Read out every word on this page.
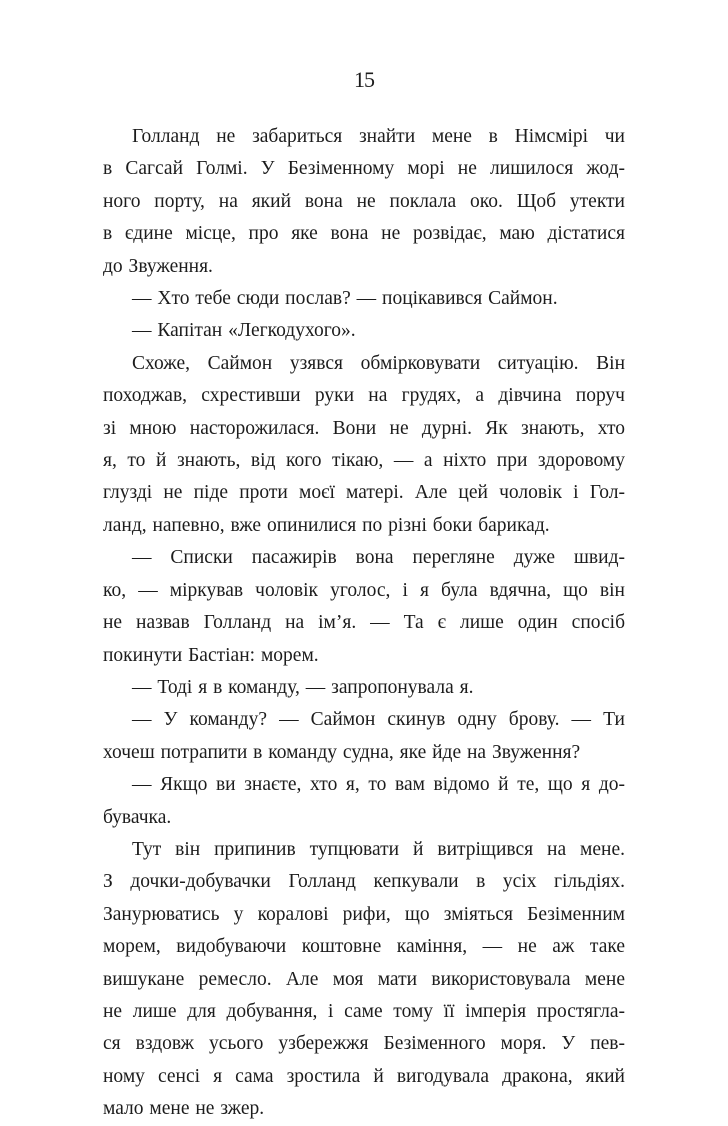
15
Голланд не забариться знайти мене в Німсмірі чи
в Сагсай Голмі. У Безіменному морі не лишилося жод-
ного порту, на який вона не поклала око. Щоб утекти
в єдине місце, про яке вона не розвідає, маю дістатися
до Звуження.
— Хто тебе сюди послав? — поцікавився Саймон.
— Капітан «Легкодухого».
Схоже, Саймон узявся обмірковувати ситуацію. Він
походжав, схрестивши руки на грудях, а дівчина поруч
зі мною насторожилася. Вони не дурні. Як знають, хто
я, то й знають, від кого тікаю, — а ніхто при здоровому
глузді не піде проти моєї матері. Але цей чоловік і Гол-
ланд, напевно, вже опинилися по різні боки барикад.
— Списки пасажирів вона перегляне дуже швид-
ко, — міркував чоловік уголос, і я була вдячна, що він
не назвав Голланд на ім’я. — Та є лише один спосіб
покинути Бастіан: морем.
— Тоді я в команду, — запропонувала я.
— У команду? — Саймон скинув одну брову. — Ти
хочеш потрапити в команду судна, яке йде на Звуження?
— Якщо ви знаєте, хто я, то вам відомо й те, що я до-
бувачка.
Тут він припинив тупцювати й витріщився на мене.
З дочки-добувачки Голланд кепкували в усіх гільдіях.
Занурюватись у коралові рифи, що зміяться Безіменним
морем, видобуваючи коштовне каміння, — не аж таке
вишукане ремесло. Але моя мати використовувала мене
не лише для добування, і саме тому її імперія простягла-
ся вздовж усього узбережжя Безіменного моря. У пев-
ному сенсі я сама зростила й вигодувала дракона, який
мало мене не зжер.
